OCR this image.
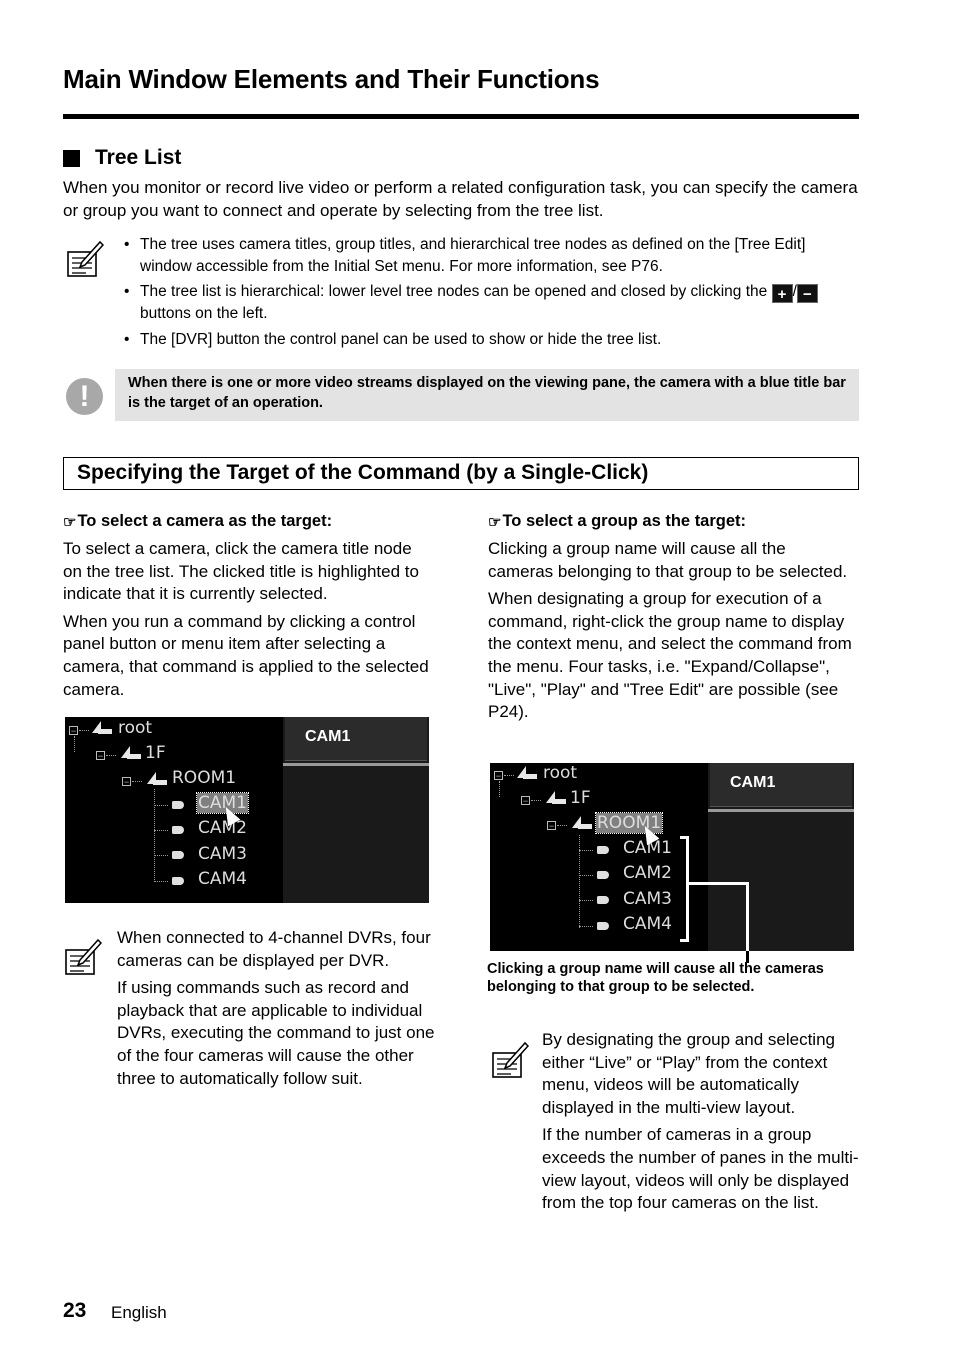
Main Window Elements and Their Functions
Tree List
When you monitor or record live video or perform a related configuration task, you can specify the camera or group you want to connect and operate by selecting from the tree list.
• The tree uses camera titles, group titles, and hierarchical tree nodes as defined on the [Tree Edit] window accessible from the Initial Set menu. For more information, see P76.
• The tree list is hierarchical: lower level tree nodes can be opened and closed by clicking the + / −
buttons on the left.
• The [DVR] button the control panel can be used to show or hide the tree list.
!	When there is one or more video streams displayed on the viewing pane, the camera with a blue title bar is the target of an operation.
Specifying the Target of the Command (by a Single-Click)
☞ To select a camera as the target:

To select a camera, click the camera title node on the tree list. The clicked title is highlighted to indicate that it is currently selected.

When you run a command by clicking a control panel button or menu item after selecting a camera, that command is applied to the selected camera.

− root
− 1F
−	ROOM1
CAM1
CAM2
CAM3
CAM4
CAM1

When connected to 4-channel DVRs, four cameras can be displayed per DVR.

If using commands such as record and playback that are applicable to individual DVRs, executing the command to just one of the four cameras will cause the other three to automatically follow suit.

☞ To select a group as the target:

Clicking a group name will cause all the cameras belonging to that group to be selected.

When designating a group for execution of a command, right-click the group name to display the context menu, and select the command from the menu. Four tasks, i.e. "Expand/Collapse", "Live", "Play" and "Tree Edit" are possible (see P24).

− root
− 1F
−	ROOM1
CAM1
CAM2
CAM3
CAM4
CAM1
Clicking a group name will cause all the cameras belonging to that group to be selected.

By designating the group and selecting either “Live” or “Play” from the context menu, videos will be automatically displayed in the multi-view layout.

If the number of cameras in a group exceeds the number of panes in the multi-view layout, videos will only be displayed from the top four cameras on the list.

23 English
